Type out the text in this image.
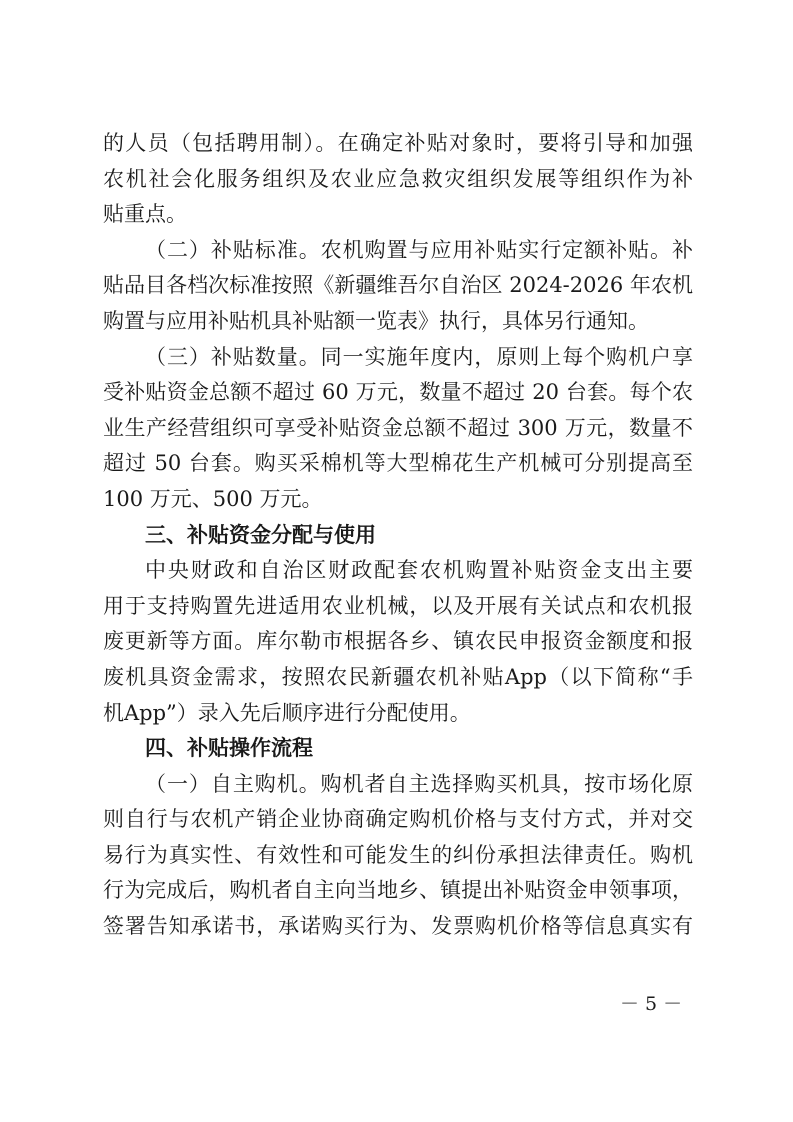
的人员（包括聘用制）。在确定补贴对象时，要将引导和加强
农机社会化服务组织及农业应急救灾组织发展等组织作为补
贴重点。
（二）补贴标准。农机购置与应用补贴实行定额补贴。补
贴品目各档次标准按照《新疆维吾尔自治区 2024-2026 年农机
购置与应用补贴机具补贴额一览表》执行，具体另行通知。
（三）补贴数量。同一实施年度内，原则上每个购机户享
受补贴资金总额不超过 60 万元，数量不超过 20 台套。每个农
业生产经营组织可享受补贴资金总额不超过 300 万元，数量不
超过 50 台套。购买采棉机等大型棉花生产机械可分别提高至
100 万元、500 万元。
三、补贴资金分配与使用
中央财政和自治区财政配套农机购置补贴资金支出主要
用于支持购置先进适用农业机械，以及开展有关试点和农机报
废更新等方面。库尔勒市根据各乡、镇农民申报资金额度和报
废机具资金需求，按照农民新疆农机补贴App（以下简称“手
机App”）录入先后顺序进行分配使用。
四、补贴操作流程
（一）自主购机。购机者自主选择购买机具，按市场化原
则自行与农机产销企业协商确定购机价格与支付方式，并对交
易行为真实性、有效性和可能发生的纠份承担法律责任。购机
行为完成后，购机者自主向当地乡、镇提出补贴资金申领事项，
签署告知承诺书，承诺购买行为、发票购机价格等信息真实有
－ 5 －
